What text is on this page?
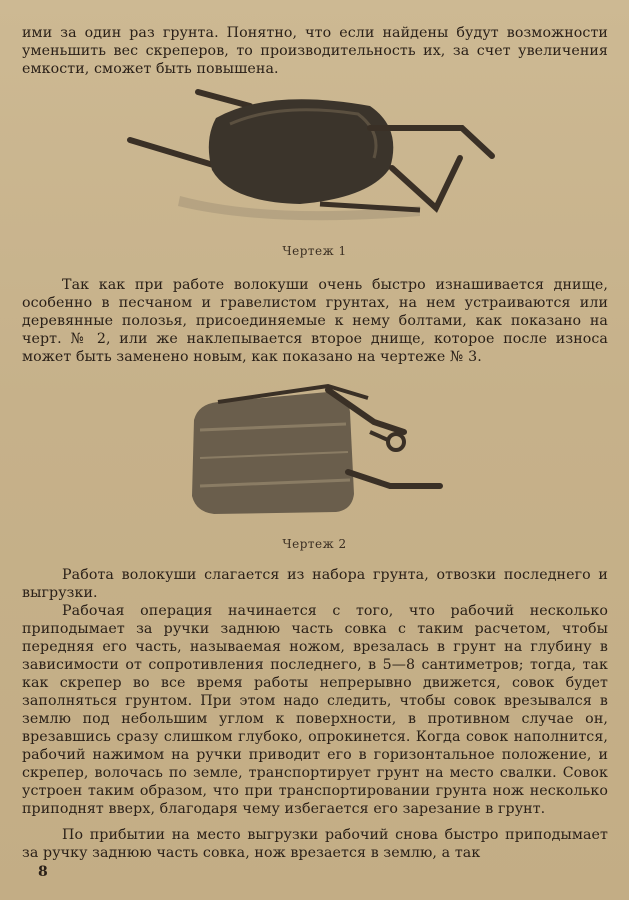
ими за один раз грунта. Понятно, что если найдены будут возможности уменьшить вес скреперов, то производительность их, за счет увеличения емкости, сможет быть повышена.
Чертеж 1
Так как при работе волокуши очень быстро изнашивается днище, особенно в песчаном и гравелистом грунтах, на нем устраиваются или деревянные полозья, присоединяемые к нему болтами, как показано на черт. № 2, или же наклепывается второе днище, которое после износа может быть заменено новым, как показано на чертеже № 3.
Чертеж 2
Работа волокуши слагается из набора грунта, отвозки последнего и выгрузки.
Рабочая операция начинается с того, что рабочий несколько приподымает за ручки заднюю часть совка с таким расчетом, чтобы передняя его часть, называемая ножом, врезалась в грунт на глубину в зависимости от сопротивления последнего, в 5—8 сантиметров; тогда, так как скрепер во все время работы непрерывно движется, совок будет заполняться грунтом. При этом надо следить, чтобы совок врезывался в землю под небольшим углом к поверхности, в противном случае он, врезавшись сразу слишком глубоко, опрокинется. Когда совок наполнится, рабочий нажимом на ручки приводит его в горизонтальное положение, и скрепер, волочась по земле, транспортирует грунт на место свалки. Совок устроен таким образом, что при транспортировании грунта нож несколько приподнят вверх, благодаря чему избегается его зарезание в грунт.
По прибытии на место выгрузки рабочий снова быстро приподымает за ручку заднюю часть совка, нож врезается в землю, а так
8
